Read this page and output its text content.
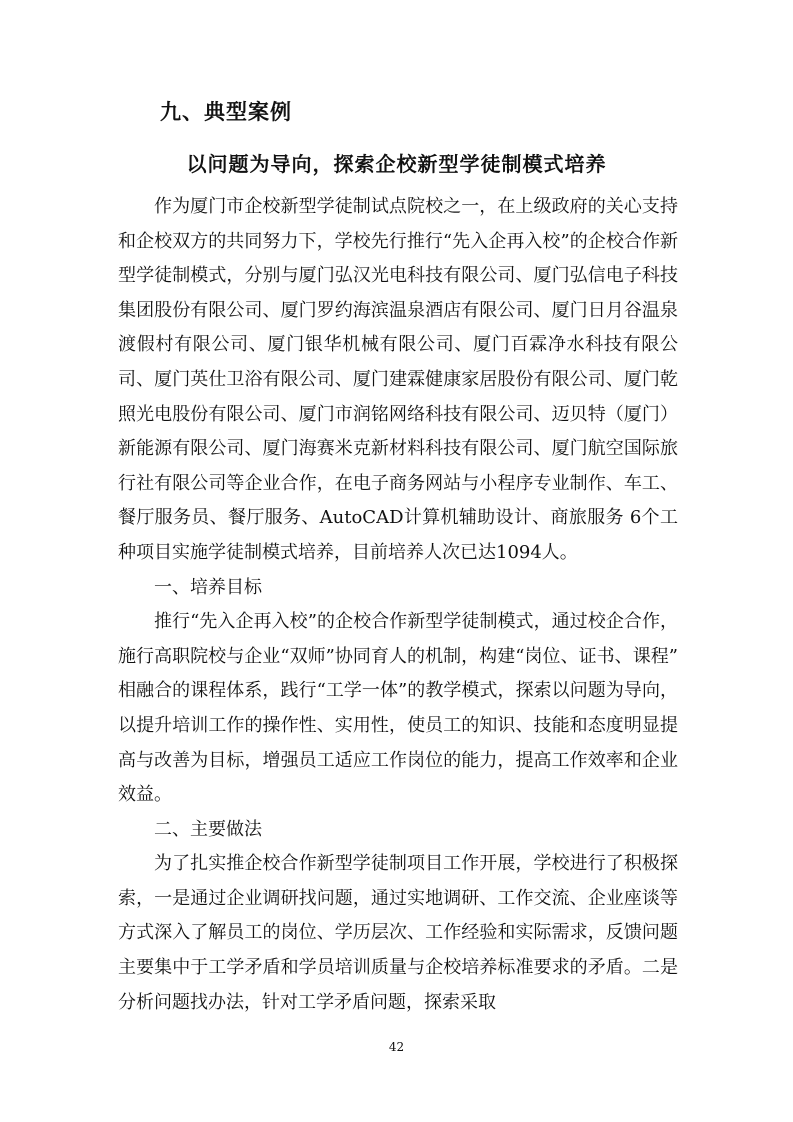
九、典型案例
以问题为导向，探索企校新型学徒制模式培养

作为厦门市企校新型学徒制试点院校之一，在上级政府的关心支持和企校双方的共同努力下，学校先行推行“先入企再入校”的企校合作新型学徒制模式，分别与厦门弘汉光电科技有限公司、厦门弘信电子科技集团股份有限公司、厦门罗约海滨温泉酒店有限公司、厦门日月谷温泉渡假村有限公司、厦门银华机械有限公司、厦门百霖净水科技有限公司、厦门英仕卫浴有限公司、厦门建霖健康家居股份有限公司、厦门乾照光电股份有限公司、厦门市润铭网络科技有限公司、迈贝特（厦门）新能源有限公司、厦门海赛米克新材料科技有限公司、厦门航空国际旅行社有限公司等企业合作，在电子商务网站与小程序专业制作、车工、餐厅服务员、餐厅服务、AutoCAD计算机辅助设计、商旅服务 6个工种项目实施学徒制模式培养，目前培养人次已达1094人。

一、培养目标

推行“先入企再入校”的企校合作新型学徒制模式，通过校企合作，施行高职院校与企业“双师”协同育人的机制，构建“岗位、证书、课程” 相融合的课程体系，践行“工学一体”的教学模式，探索以问题为导向，以提升培训工作的操作性、实用性，使员工的知识、技能和态度明显提高与改善为目标，增强员工适应工作岗位的能力，提高工作效率和企业效益。

二、主要做法

为了扎实推企校合作新型学徒制项目工作开展，学校进行了积极探索，一是通过企业调研找问题，通过实地调研、工作交流、企业座谈等方式深入了解员工的岗位、学历层次、工作经验和实际需求，反馈问题主要集中于工学矛盾和学员培训质量与企校培养标准要求的矛盾。二是分析问题找办法，针对工学矛盾问题，探索采取

42
